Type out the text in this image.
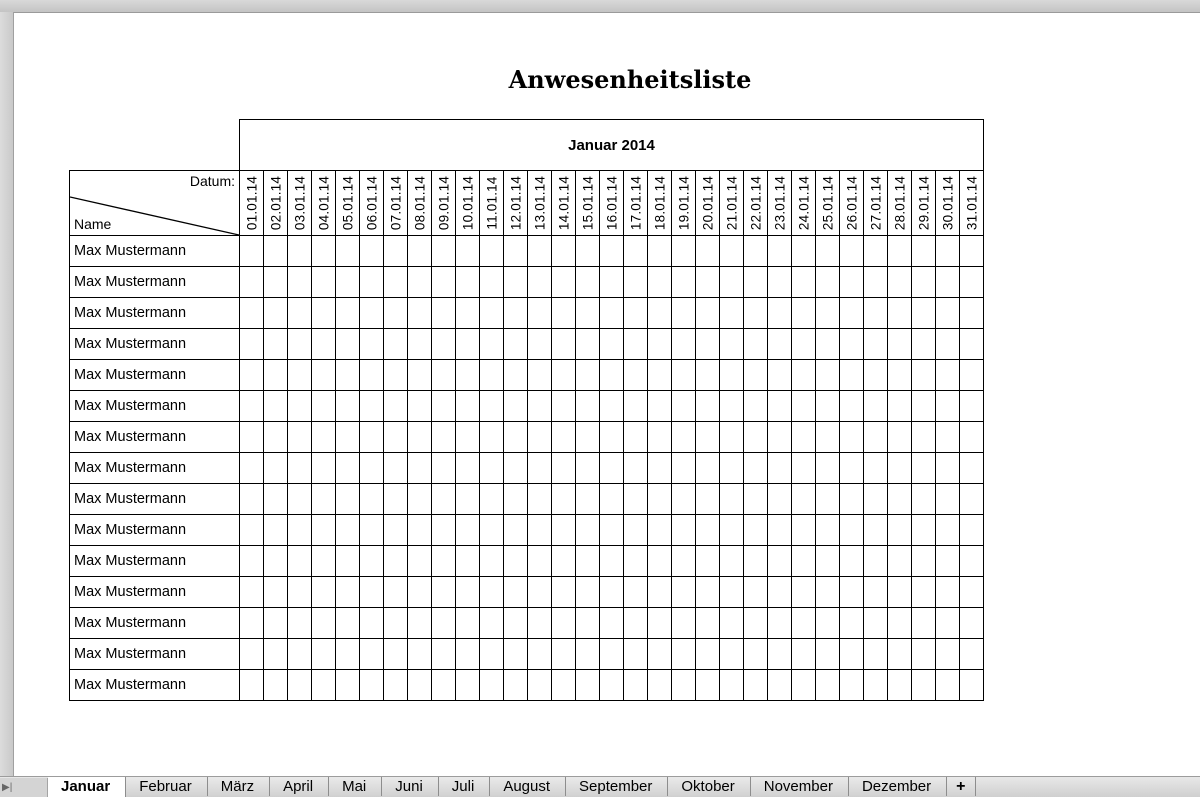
Anwesenheitsliste
	Januar 2014																														

Datum:
Name	01.01.14	02.01.14	03.01.14	04.01.14	05.01.14	06.01.14	07.01.14	08.01.14	09.01.14	10.01.14	11.01.14	12.01.14	13.01.14	14.01.14	15.01.14	16.01.14	17.01.14	18.01.14	19.01.14	20.01.14	21.01.14	22.01.14	23.01.14	24.01.14	25.01.14	26.01.14	27.01.14	28.01.14	29.01.14	30.01.14	31.01.14

Max Mustermann																															
Max Mustermann																															
Max Mustermann																															
Max Mustermann																															
Max Mustermann																															
Max Mustermann																															
Max Mustermann																															
Max Mustermann																															
Max Mustermann																															
Max Mustermann																															
Max Mustermann																															
Max Mustermann																															
Max Mustermann																															
Max Mustermann																															
Max Mustermann																															
▶︎|	Januar	Februar	März	April	Mai	Juni	Juli	August	September	Oktober	November	Dezember	+
